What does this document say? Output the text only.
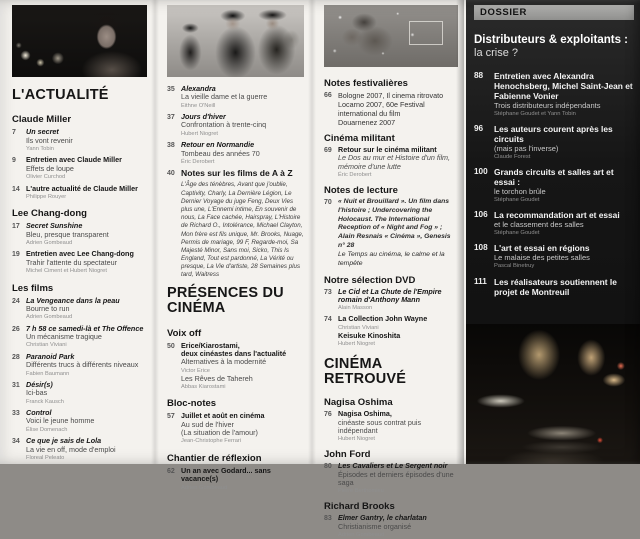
L'ACTUALITÉ
Claude Miller
7	Un secret
Ils vont revenir
Yann Tobin
9	Entretien avec Claude Miller
Effets de loupe
Olivier Curchod
14 L'autre actualité de Claude Miller
Philippe Rouyer
Lee Chang-dong
17 Secret Sunshine
Bleu, presque transparent
Adrien Gombeaud
19 Entretien avec Lee Chang-dong
Trahir l'attente du spectateur
Michel Ciment et Hubert Niogret
Les films
24 La Vengeance dans la peau
Bourne to run
Adrien Gombeaud
26 7 h 58 ce samedi-là et The Offence
Un mécanisme tragique
Christian Viviani
28 Paranoid Park
Différents trucs à différents niveaux
Fabien Baumann
31 Désir(s)
Ici-bas
Franck Kausch
33 Control
Voici le jeune homme
Élise Domenach
34 Ce que je sais de Lola
La vie en off, mode d'emploi
Floreal Peleato
35 Alexandra
La vieille dame et la guerre
Eithne O'Neill
37 Jours d'hiver
Confrontation à trente-cinq
Hubert Niogret
38 Retour en Normandie
Tombeau des années 70
Éric Derobert
40 Notes sur les films de A à Z
L'Âge des ténèbres, Avant que j'oublie, Captivity, Charly, La Dernière Légion, Le Dernier Voyage du juge Feng, Deux Vies plus une, L'Ennemi intime, En souvenir de nous, La Face cachée, Hairspray, L'Histoire de Richard O., Intolérance, Michael Clayton, Mon frère est fils unique, Mr. Brooks, Nuage, Permis de mariage, 99 F, Regarde-moi, Sa Majesté Minor, Sans moi, Sicko, This Is England, Tout est pardonné, La Vérité ou presque, La Vie d'artiste, 28 Semaines plus tard, Waitress
PRÉSENCES DU CINÉMA
Voix off
50 Erice/Kiarostami,
deux cinéastes dans l'actualité
Alternatives à la modernité
Victor Erice
Les Rêves de Tahereh
Abbas Kiarostami
Bloc-notes
57 Juillet et août en cinéma
Au sud de l'hiver
(La situation de l'amour)
Jean-Christophe Ferrari
Chantier de réflexion
62 Un an avec Godard... sans vacance(s)
Adrien Gombeaud
Notes festivalières
66 Bologne 2007, Il cinema ritrovato
Locarno 2007, 60e Festival international du film
Douarnenez 2007
Cinéma militant
69 Retour sur le cinéma militant
Le Dos au mur et Histoire d'un film, mémoire d'une lutte
Éric Derobert
Notes de lecture
70 « Nuit et Brouillard ». Un film dans l'histoire ; Undercovering the Holocaust. The International Reception of « Night and Fog » ; Alain Resnais « Cinéma », Genesis n° 28
Le Temps au cinéma, le calme et la tempête
Notre sélection DVD
73 Le Cid et La Chute de l'Empire romain d'Anthony Mann
Alain Masson
74 La Collection John Wayne
Christian Viviani
Keisuke Kinoshita
Hubert Niogret
CINÉMA RETROUVÉ
Nagisa Oshima
76 Nagisa Oshima,
cinéaste sous contrat puis indépendant
Hubert Niogret
John Ford
80 Les Cavaliers et Le Sergent noir
Épisodes et derniers épisodes d'une saga
Pierre Berthomieu
Richard Brooks
83 Elmer Gantry, le charlatan
Christianisme organisé
Adrien Gombeaud
DOSSIER
Distributeurs & exploitants :
la crise ?
88	Entretien avec Alexandra Henochsberg, Michel Saint-Jean et Fabienne Vonier
Trois distributeurs indépendants
Stéphane Goudet et Yann Tobin
96	Les auteurs courent après les circuits
(mais pas l'inverse)
Claude Forest
100 Grands circuits et salles art et essai :
le torchon brûle
Stéphane Goudet
106 La recommandation art et essai
et le classement des salles
Stéphane Goudet
108 L'art et essai en régions
Le malaise des petites salles
Pascal Binetruy
111 Les réalisateurs soutiennent le projet de Montreuil
